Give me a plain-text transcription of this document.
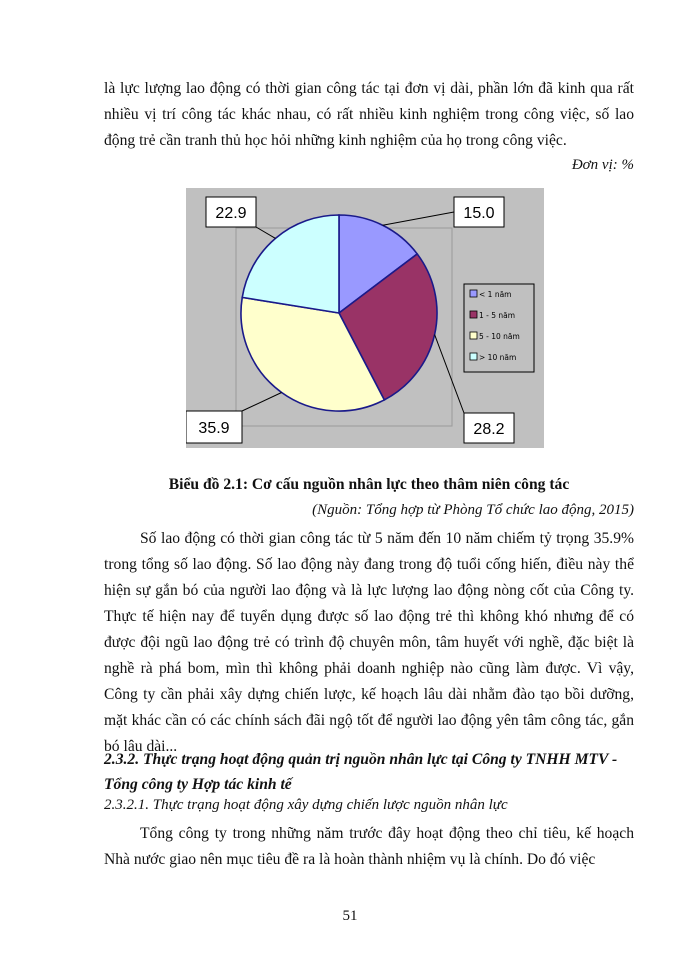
là lực lượng lao động có thời gian công tác tại đơn vị dài, phần lớn đã kinh qua rất nhiều vị trí công tác khác nhau, có rất nhiều kinh nghiệm trong công việc, số lao động trẻ cần tranh thủ học hỏi những kinh nghiệm của họ trong công việc.

Đơn vị: %
15.0
28.2
35.9
22.9
< 1 năm
1 - 5 năm
5 - 10 năm
> 10 năm
Biểu đồ 2.1: Cơ cấu nguồn nhân lực theo thâm niên công tác
(Nguồn: Tổng hợp từ Phòng Tổ chức lao động, 2015)

Số lao động có thời gian công tác từ 5 năm đến 10 năm chiếm tỷ trọng 35.9% trong tổng số lao động. Số lao động này đang trong độ tuổi cống hiến, điều này thể hiện sự gắn bó của người lao động và là lực lượng lao động nòng cốt của Công ty. Thực tế hiện nay để tuyển dụng được số lao động trẻ thì không khó nhưng để có được đội ngũ lao động trẻ có trình độ chuyên môn, tâm huyết với nghề, đặc biệt là nghề rà phá bom, mìn thì không phải doanh nghiệp nào cũng làm được. Vì vậy, Công ty cần phải xây dựng chiến lược, kế hoạch lâu dài nhằm đào tạo bồi dưỡng, mặt khác cần có các chính sách đãi ngộ tốt để người lao động yên tâm công tác, gắn bó lâu dài...

2.3.2. Thực trạng hoạt động quản trị nguồn nhân lực tại Công ty TNHH MTV - Tổng công ty Hợp tác kinh tế
2.3.2.1. Thực trạng hoạt động xây dựng chiến lược nguồn nhân lực

Tổng công ty trong những năm trước đây hoạt động theo chỉ tiêu, kế hoạch Nhà nước giao nên mục tiêu đề ra là hoàn thành nhiệm vụ là chính. Do đó việc

51
